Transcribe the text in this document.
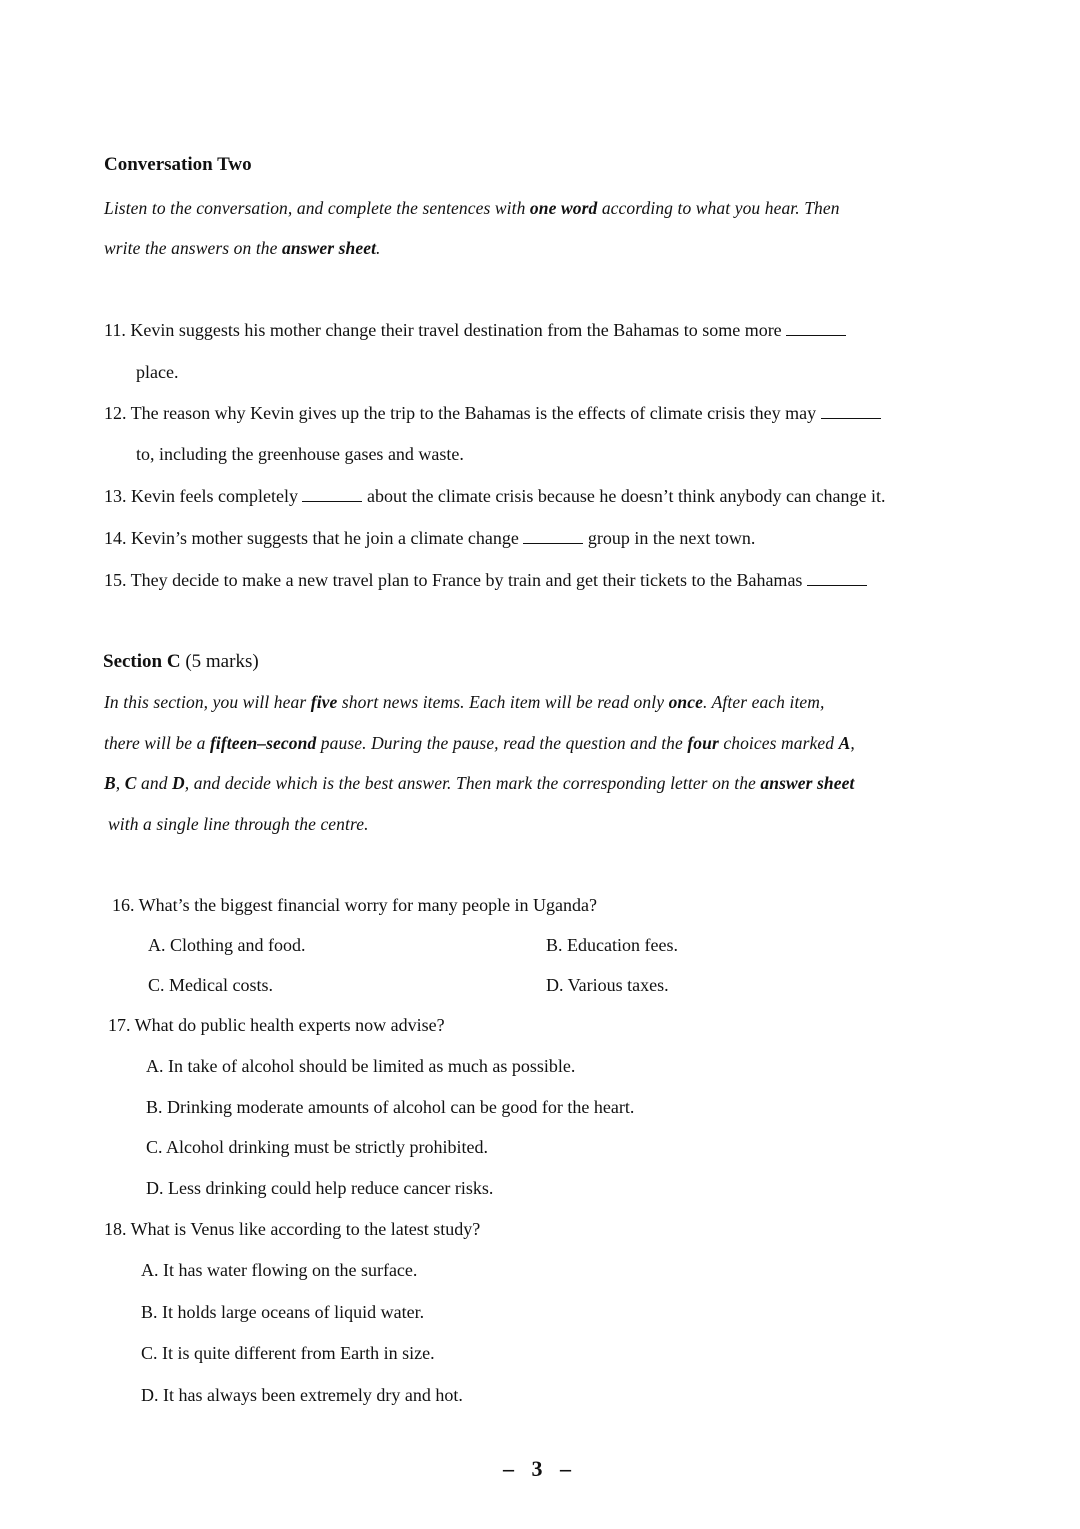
Conversation Two
Listen to the conversation, and complete the sentences with one word according to what you hear. Then
write the answers on the answer sheet.
11. Kevin suggests his mother change their travel destination from the Bahamas to some more
place.
12. The reason why Kevin gives up the trip to the Bahamas is the effects of climate crisis they may
to, including the greenhouse gases and waste.
13. Kevin feels completely	about the climate crisis because he doesn’t think anybody can change it.
14. Kevin’s mother suggests that he join a climate change	group in the next town.
15. They decide to make a new travel plan to France by train and get their tickets to the Bahamas
Section C (5 marks)
In this section, you will hear five short news items. Each item will be read only once. After each item,
there will be a fifteen–second pause. During the pause, read the question and the four choices marked A,
B, C and D, and decide which is the best answer. Then mark the corresponding letter on the answer sheet
with a single line through the centre.
16. What’s the biggest financial worry for many people in Uganda?
A. Clothing and food.	B. Education fees.
C. Medical costs.	D. Various taxes.
17. What do public health experts now advise?
A. In take of alcohol should be limited as much as possible.
B. Drinking moderate amounts of alcohol can be good for the heart.
C. Alcohol drinking must be strictly prohibited.
D. Less drinking could help reduce cancer risks.
18. What is Venus like according to the latest study?
A. It has water flowing on the surface.
B. It holds large oceans of liquid water.
C. It is quite different from Earth in size.
D. It has always been extremely dry and hot.
– 3 –
